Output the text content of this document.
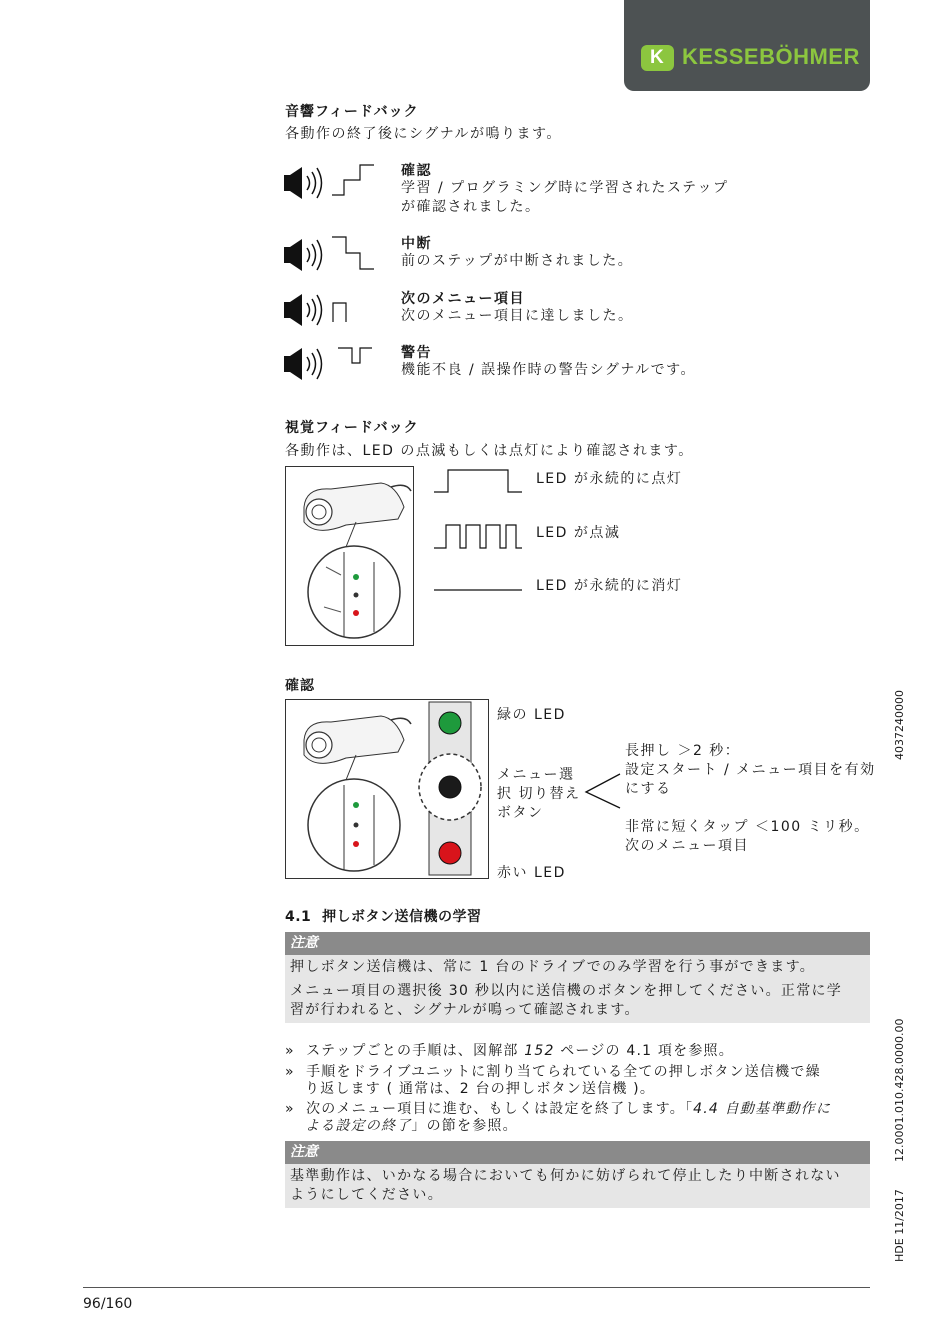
K KESSEBÖHMER
音響フィードバック
各動作の終了後にシグナルが鳴ります。
確認
学習 / プログラミング時に学習されたステップ
が確認されました。
中断
前のステップが中断されました。
次のメニュー項目
次のメニュー項目に達しました。
警告
機能不良 / 誤操作時の警告シグナルです。
視覚フィードバック
各動作は、LED の点滅もしくは点灯により確認されます。
LED が永続的に点灯
LED が点滅
LED が永続的に消灯
確認
緑の LED
メニュー選
択 切り替え
ボタン
赤い LED
長押し ＞2 秒：
設定スタート / メニュー項目を有効
にする
非常に短くタップ ＜100 ミリ秒。
次のメニュー項目
4.1 押しボタン送信機の学習
注意

押しボタン送信機は、常に 1 台のドライブでのみ学習を行う事ができます。

メニュー項目の選択後 30 秒以内に送信機のボタンを押してください。正常に学

習が行われると、シグナルが鳴って確認されます。

» ステップごとの手順は、図解部 152 ページの 4.1 項を参照。
» 手順をドライブユニットに割り当てられている全ての押しボタン送信機で繰
り返します ( 通常は、2 台の押しボタン送信機 )。
» 次のメニュー項目に進む、もしくは設定を終了します。「4.4 自動基準動作に
よる設定の終了」の節を参照。
注意

基準動作は、いかなる場合においても何かに妨げられて停止したり中断されない

ようにしてください。

4037240000
12.0001.010.428.0000.00
HDE 11/2017
96/160
